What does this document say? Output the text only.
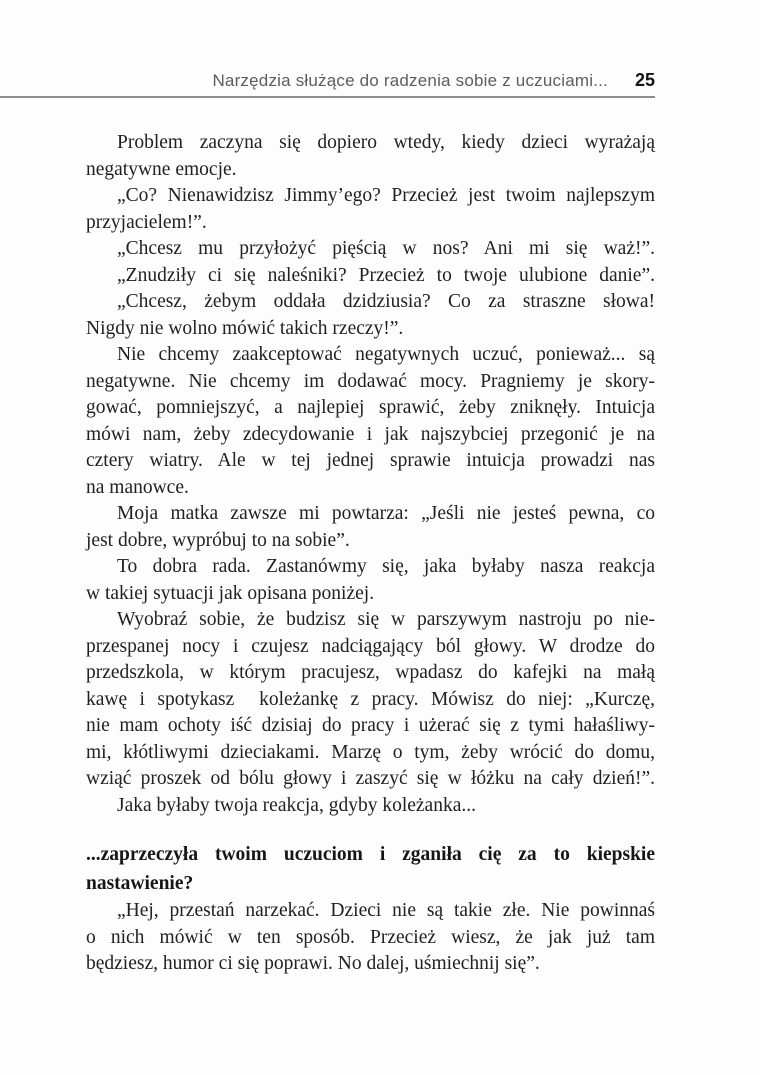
Narzędzia służące do radzenia sobie z uczuciami... 25
Problem zaczyna się dopiero wtedy, kiedy dzieci wyrażają
negatywne emocje.
„Co? Nienawidzisz Jimmy’ego? Przecież jest twoim najlepszym
przyjacielem!”.
„Chcesz mu przyłożyć pięścią w nos? Ani mi się waż!”.
„Znudziły ci się naleśniki? Przecież to twoje ulubione danie”.
„Chcesz, żebym oddała dzidziusia? Co za straszne słowa!
Nigdy nie wolno mówić takich rzeczy!”.
Nie chcemy zaakceptować negatywnych uczuć, ponieważ... są
negatywne. Nie chcemy im dodawać mocy. Pragniemy je skory-
gować, pomniejszyć, a najlepiej sprawić, żeby zniknęły. Intuicja
mówi nam, żeby zdecydowanie i jak najszybciej przegonić je na
cztery wiatry. Ale w tej jednej sprawie intuicja prowadzi nas
na manowce.
Moja matka zawsze mi powtarza: „Jeśli nie jesteś pewna, co
jest dobre, wypróbuj to na sobie”.
To dobra rada. Zastanówmy się, jaka byłaby nasza reakcja
w takiej sytuacji jak opisana poniżej.
Wyobraź sobie, że budzisz się w parszywym nastroju po nie-
przespanej nocy i czujesz nadciągający ból głowy. W drodze do
przedszkola, w którym pracujesz, wpadasz do kafejki na małą
kawę i spotykasz  koleżankę z pracy. Mówisz do niej: „Kurczę,
nie mam ochoty iść dzisiaj do pracy i użerać się z tymi hałaśliwy-
mi, kłótliwymi dzieciakami. Marzę o tym, żeby wrócić do domu,
wziąć proszek od bólu głowy i zaszyć się w łóżku na cały dzień!”.
Jaka byłaby twoja reakcja, gdyby koleżanka...
...zaprzeczyła twoim uczuciom i zganiła cię za to kiepskie
nastawienie?
„Hej, przestań narzekać. Dzieci nie są takie złe. Nie powinnaś
o nich mówić w ten sposób. Przecież wiesz, że jak już tam
będziesz, humor ci się poprawi. No dalej, uśmiechnij się”.
